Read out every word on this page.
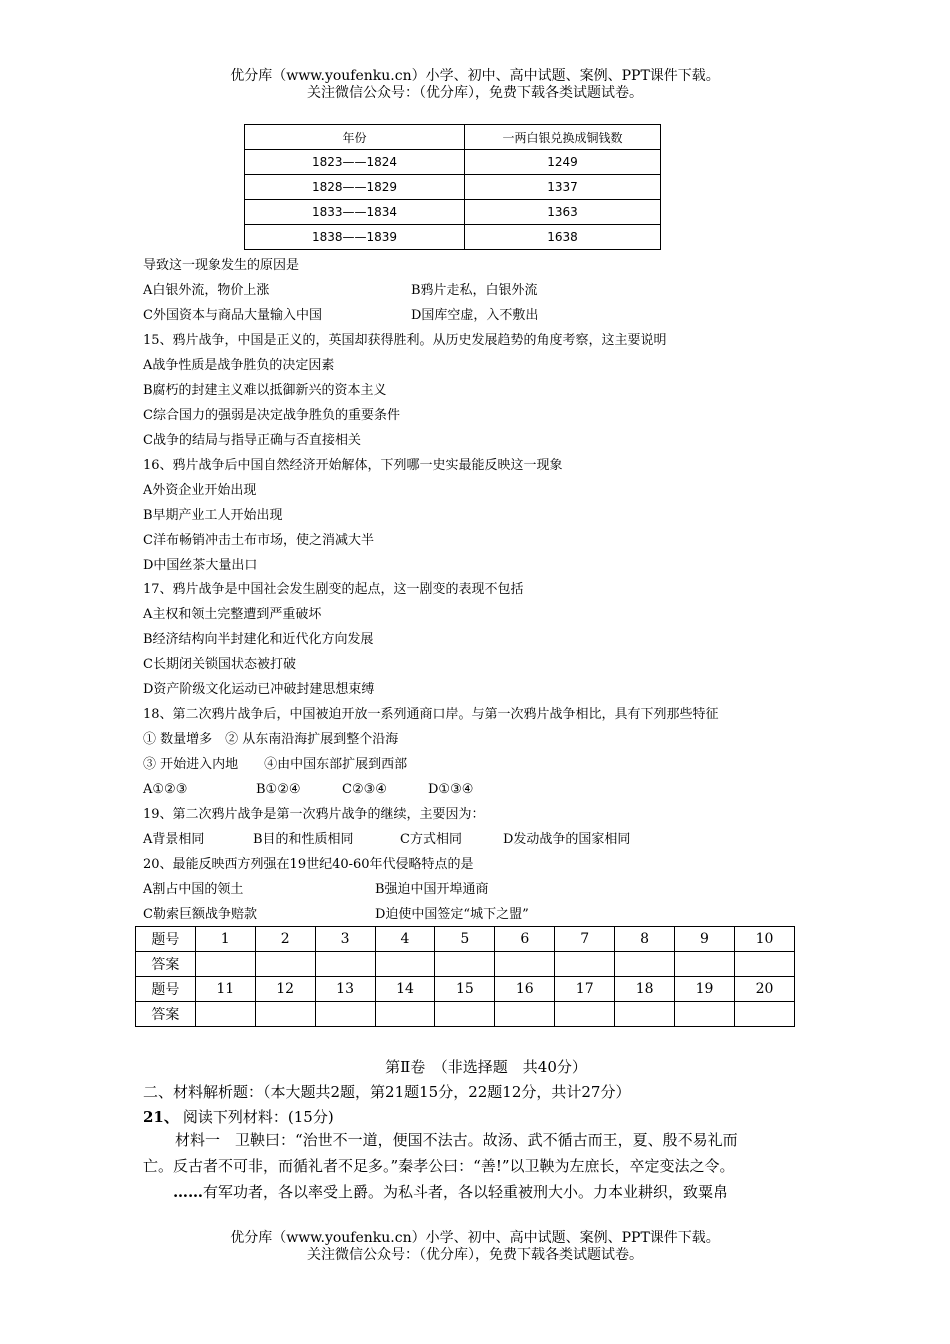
优分库（www.youfenku.cn）小学、初中、高中试题、案例、PPT课件下载。
关注微信公众号：（优分库），免费下载各类试题试卷。
年份	一两白银兑换成铜钱数
1823——1824	1249
1828——1829	1337
1833——1834	1363
1838——1839	1638
导致这一现象发生的原因是
A白银外流，物价上涨	B鸦片走私，白银外流
C外国资本与商品大量输入中国	D国库空虚，入不敷出
15、鸦片战争，中国是正义的，英国却获得胜利。从历史发展趋势的角度考察，这主要说明
A战争性质是战争胜负的决定因素
B腐朽的封建主义难以抵御新兴的资本主义
C综合国力的强弱是决定战争胜负的重要条件
C战争的结局与指导正确与否直接相关
16、鸦片战争后中国自然经济开始解体，下列哪一史实最能反映这一现象
A外资企业开始出现
B早期产业工人开始出现
C洋布畅销冲击土布市场，使之消减大半
D中国丝茶大量出口
17、鸦片战争是中国社会发生剧变的起点，这一剧变的表现不包括
A主权和领土完整遭到严重破坏
B经济结构向半封建化和近代化方向发展
C长期闭关锁国状态被打破
D资产阶级文化运动已冲破封建思想束缚
18、第二次鸦片战争后，中国被迫开放一系列通商口岸。与第一次鸦片战争相比，具有下列那些特征
① 数量增多　② 从东南沿海扩展到整个沿海
③ 开始进入内地　　④由中国东部扩展到西部
A①②③	B①②④	C②③④	D①③④
19、第二次鸦片战争是第一次鸦片战争的继续，主要因为：
A背景相同	B目的和性质相同	C方式相同	D发动战争的国家相同
20、最能反映西方列强在19世纪40-60年代侵略特点的是
A割占中国的领土	B强迫中国开埠通商
C勒索巨额战争赔款	D迫使中国签定“城下之盟”
题号	1	2	3	4	5	6	7	8	9	10
答案										
题号	11	12	13	14	15	16	17	18	19	20
答案										
第Ⅱ卷　（非选择题　共40分）
二、材料解析题：（本大题共2题，第21题15分，22题12分，共计27分）
21、 阅读下列材料：(15分)

材料一　卫鞅曰：“治世不一道，便国不法古。故汤、武不循古而王，夏、殷不易礼而

亡。反古者不可非，而循礼者不足多。”秦孝公曰：“善!”以卫鞅为左庶长，卒定变法之令。

……有军功者，各以率受上爵。为私斗者，各以轻重被刑大小。力本业耕织，致粟帛

优分库（www.youfenku.cn）小学、初中、高中试题、案例、PPT课件下载。
关注微信公众号：（优分库），免费下载各类试题试卷。
